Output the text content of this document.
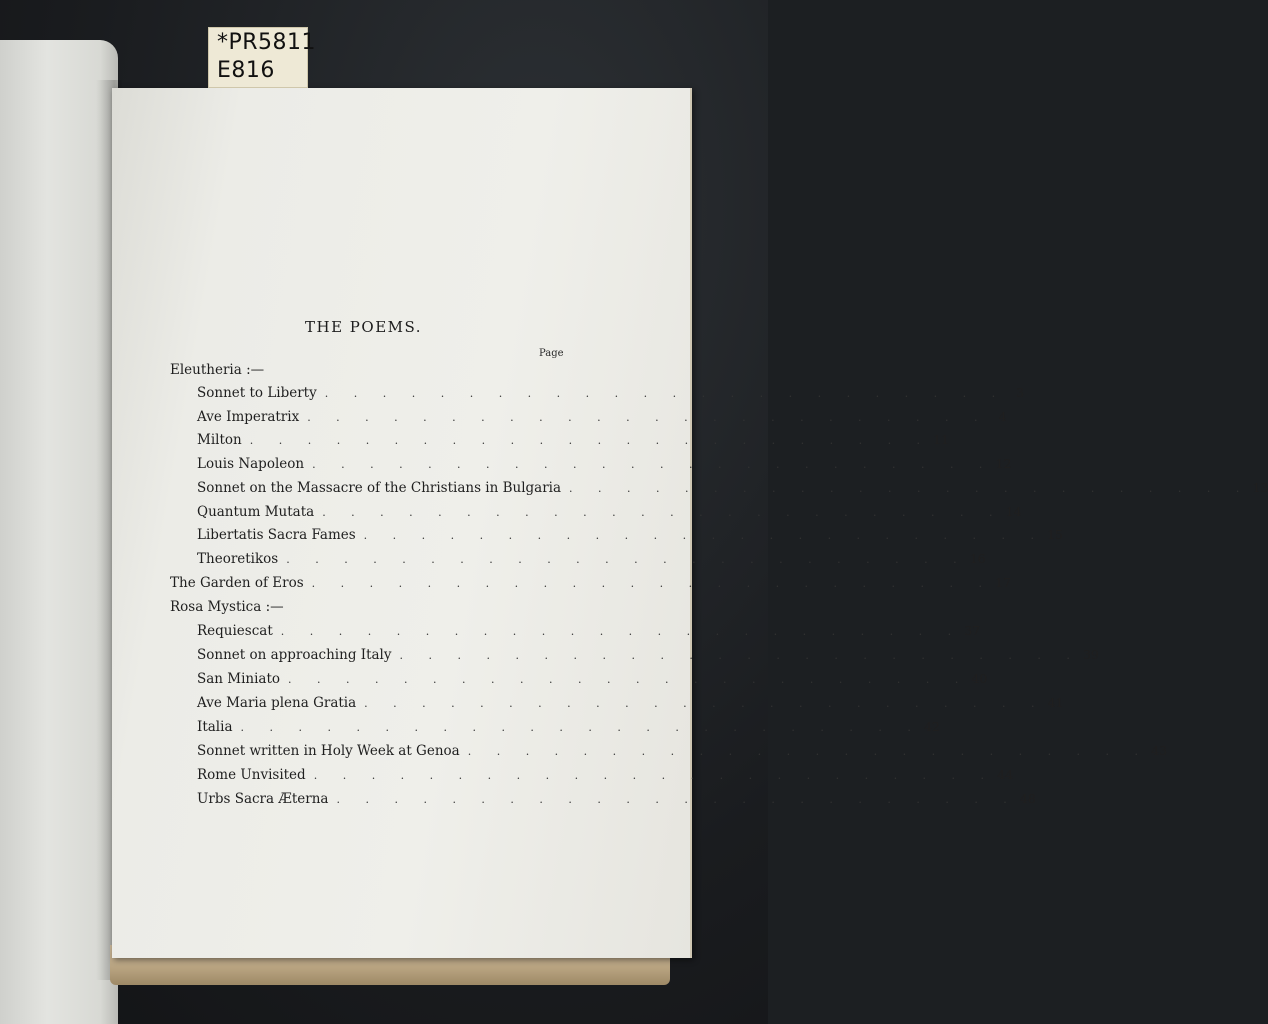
*PR5811
E816
THE POEMS.
Page
Eleutheria :—
Sonnet to Liberty . . . . . . . . . . . . . . . . . . . . . . . . 3
Ave Imperatrix . . . . . . . . . . . . . . . . . . . . . . . . 4
Milton . . . . . . . . . . . . . . . . . . . . . . . . 11
Louis Napoleon . . . . . . . . . . . . . . . . . . . . . . . . 12
Sonnet on the Massacre of the Christians in Bulgaria . . . . . . . . . . . . . . . . . . . . . . . . 13
Quantum Mutata . . . . . . . . . . . . . . . . . . . . . . . . 14
Libertatis Sacra Fames . . . . . . . . . . . . . . . . . . . . . . . . 15
Theoretikos . . . . . . . . . . . . . . . . . . . . . . . . 16
The Garden of Eros . . . . . . . . . . . . . . . . . . . . . . . . 17
Rosa Mystica :—
Requiescat . . . . . . . . . . . . . . . . . . . . . . . . 37
Sonnet on approaching Italy . . . . . . . . . . . . . . . . . . . . . . . . 39
San Miniato . . . . . . . . . . . . . . . . . . . . . . . . 40
Ave Maria plena Gratia . . . . . . . . . . . . . . . . . . . . . . . . 41
Italia . . . . . . . . . . . . . . . . . . . . . . . . 42
Sonnet written in Holy Week at Genoa . . . . . . . . . . . . . . . . . . . . . . . . 43
Rome Unvisited . . . . . . . . . . . . . . . . . . . . . . . . 44
Urbs Sacra Æterna . . . . . . . . . . . . . . . . . . . . . . . . 48
